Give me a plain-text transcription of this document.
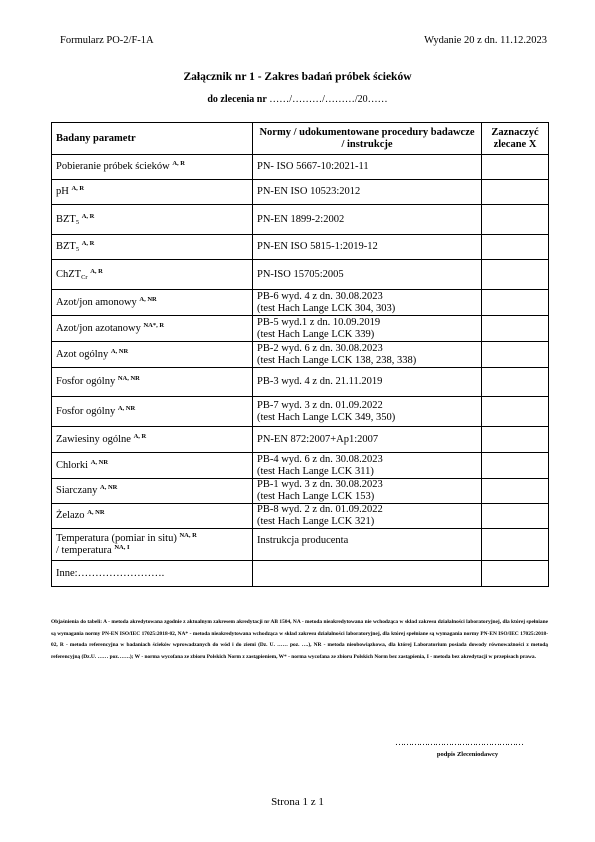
Formularz PO-2/F-1A	Wydanie 20 z dn. 11.12.2023
Załącznik nr 1 - Zakres badań próbek ścieków
do zlecenia nr ……/………/………/20……
Badany parametr	Normy / udokumentowane procedury badawcze / instrukcje	Zaznaczyć zlecane X
Pobieranie próbek ścieków $^{A, R}$	PN- ISO 5667-10:2021-11	

pH $^{A, R}$	PN-EN ISO 10523:2012	

$BZT_5$ $^{A, R}$	PN-EN 1899-2:2002	

$BZT_5$ $^{A, R}$	PN-EN ISO 5815-1:2019-12	

ChZT$_{Cr}$ $^{A, R}$	PN-ISO 15705:2005	

Azot/jon amonowy $^{A, NR}$	PB-6 wyd. 4 z dn. 30.08.2023
(test Hach Lange LCK 304, 303)	

Azot/jon azotanowy $^{NA*, R}$	PB-5 wyd.1 z dn. 10.09.2019
(test Hach Lange LCK 339)	

Azot ogólny $^{A, NR}$	PB-2 wyd. 6 z dn. 30.08.2023
(test Hach Lange LCK 138, 238, 338)	

Fosfor ogólny $^{NA, NR}$	PB-3 wyd. 4 z dn. 21.11.2019	

Fosfor ogólny $^{A, NR}$	PB-7 wyd. 3 z dn. 01.09.2022
(test Hach Lange LCK 349, 350)	

Zawiesiny ogólne $^{A, R}$	PN-EN 872:2007+Ap1:2007	

Chlorki $^{A, NR}$	PB-4 wyd. 6 z dn. 30.08.2023
(test Hach Lange LCK 311)	

Siarczany $^{A, NR}$	PB-1 wyd. 3 z dn. 30.08.2023
(test Hach Lange LCK 153)	

Żelazo $^{A, NR}$	PB-8 wyd. 2 z dn. 01.09.2022
(test Hach Lange LCK 321)	

Temperatura (pomiar in situ) $^{NA, R}$
/ temperatura $^{NA, I}$	Instrukcja producenta	
Inne:…………………….		
Objaśnienia do tabeli: A - metoda akredytowana zgodnie z aktualnym zakresem akredytacji nr AB 1504, NA - metoda nieakredytowana nie wchodząca w skład zakresu działalności laboratoryjnej, dla której spełniane są wymagania normy PN-EN ISO/IEC 17025:2018-02, NA* - metoda nieakredytowana wchodząca w skład zakresu działalności laboratoryjnej, dla której spełniane są wymagania normy PN-EN ISO/IEC 17025:2018-02, R - metoda referencyjna w badaniach ścieków wprowadzanych do wód i do ziemi (Dz. U. …… poz. ….), NR - metoda nieobowiązkowa, dla której Laboratorium posiada dowody równoważności z metodą referencyjną (Dz.U. …… poz…….); W - norma wycofana ze zbioru Polskich Norm z zastąpieniem, W* - norma wycofana ze zbioru Polskich Norm bez zastąpienia, I - metoda bez akredytacji w przepisach prawa.
…………………………………………
podpis Zleceniodawcy
Strona 1 z 1
